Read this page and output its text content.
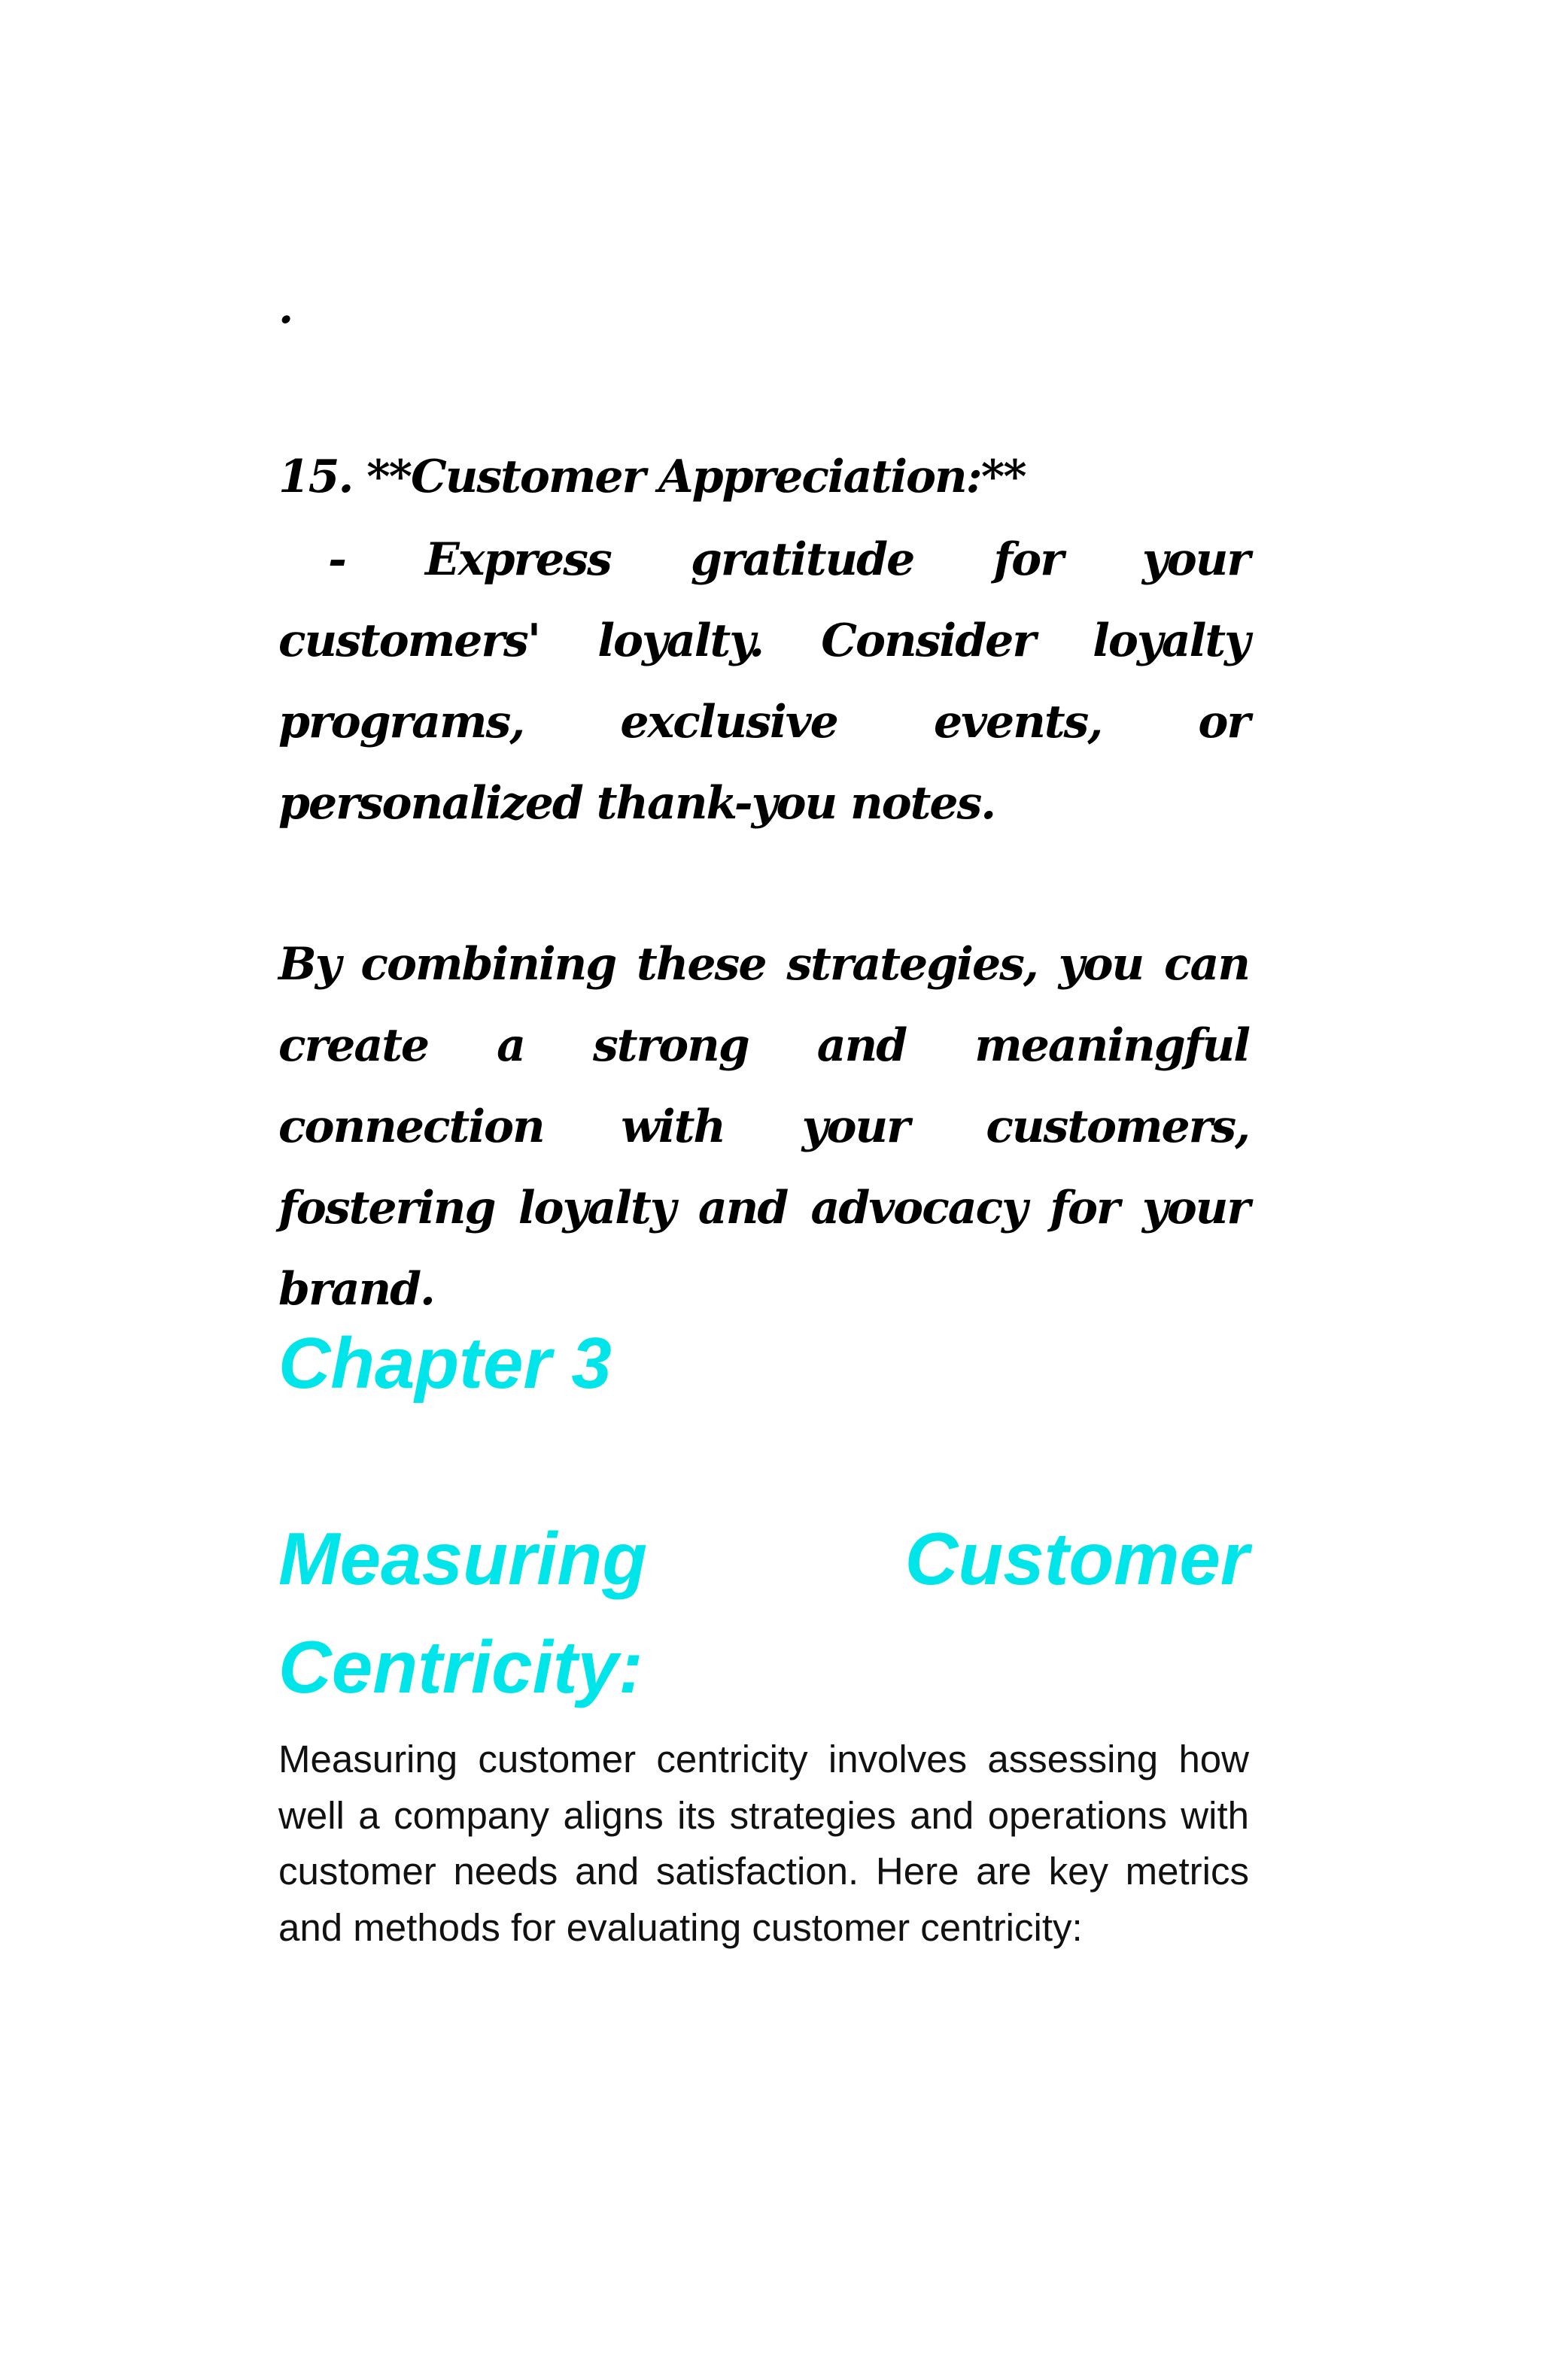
.
15. **Customer Appreciation:**
- Express gratitude for your customers' loyalty. Consider loyalty programs, exclusive events, or personalized thank-you notes.
By combining these strategies, you can create a strong and meaningful connection with your customers, fostering loyalty and advocacy for your brand.
Chapter 3
Measuring Customer Centricity:
Measuring customer centricity involves assessing how well a company aligns its strategies and operations with customer needs and satisfaction. Here are key metrics and methods for evaluating customer centricity:
